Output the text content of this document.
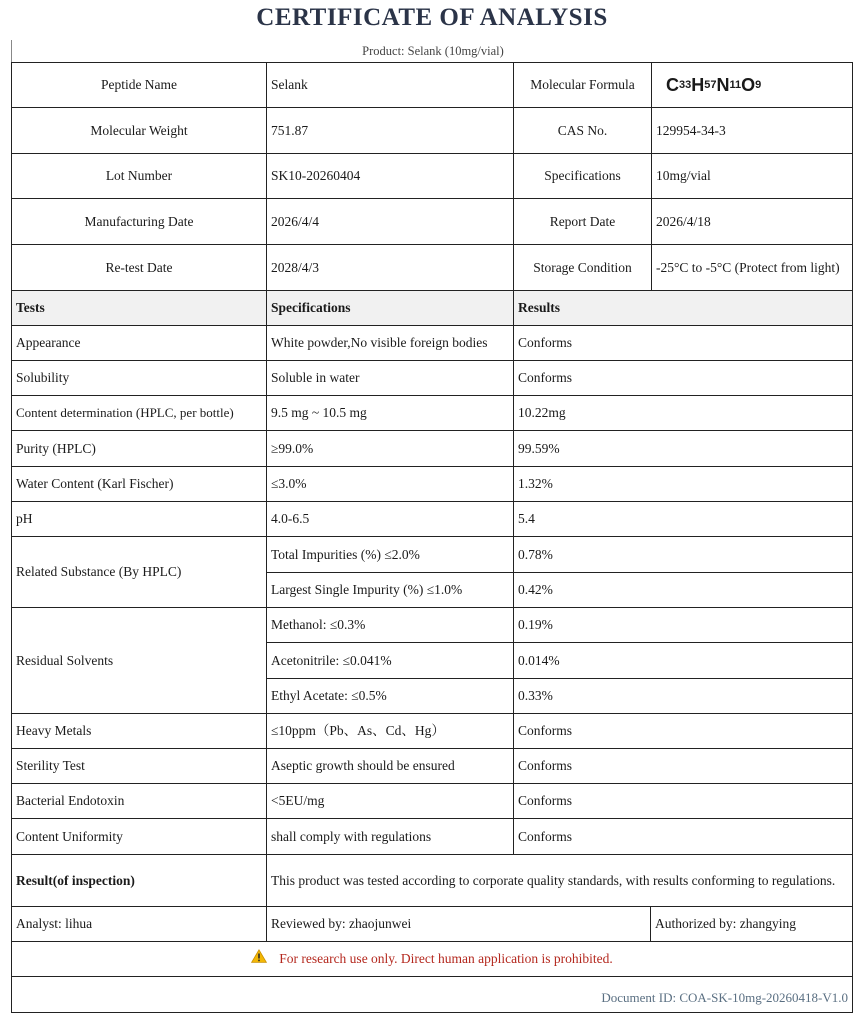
CERTIFICATE OF ANALYSIS
Product: Selank (10mg/vial)
Peptide Name	Selank	Molecular Formula	C 33 H 57 N 11 O 9
Molecular Weight	751.87	CAS No.	129954-34-3
Lot Number	SK10-20260404	Specifications	10mg/vial
Manufacturing Date	2026/4/4	Report Date	2026/4/18
Re-test Date	2028/4/3	Storage Condition	-25°C to -5°C (Protect from light)
Tests	Specifications	Results
Appearance	White powder,No visible foreign bodies	Conforms
Solubility	Soluble in water	Conforms
Content determination (HPLC, per bottle)	9.5 mg ~ 10.5 mg	10.22mg
Purity (HPLC)	≥99.0%	99.59%
Water Content (Karl Fischer)	≤3.0%	1.32%
pH	4.0-6.5	5.4
Related Substance (By HPLC)
Total Impurities (%) ≤2.0%	0.78%
Largest Single Impurity (%) ≤1.0%	0.42%
Residual Solvents
Methanol: ≤0.3%	0.19%
Acetonitrile: ≤0.041%	0.014%
Ethyl Acetate: ≤0.5%	0.33%
Heavy Metals	≤10ppm（Pb、As、Cd、Hg）	Conforms
Sterility Test	Aseptic growth should be ensured	Conforms
Bacterial Endotoxin	<5EU/mg	Conforms
Content Uniformity	shall comply with regulations	Conforms
Result(of inspection)	This product was tested according to corporate quality standards, with results conforming to regulations.
Analyst: lihua	Reviewed by: zhaojunwei	Authorized by: zhangying
For research use only. Direct human application is prohibited.
Document ID: COA-SK-10mg-20260418-V1.0
